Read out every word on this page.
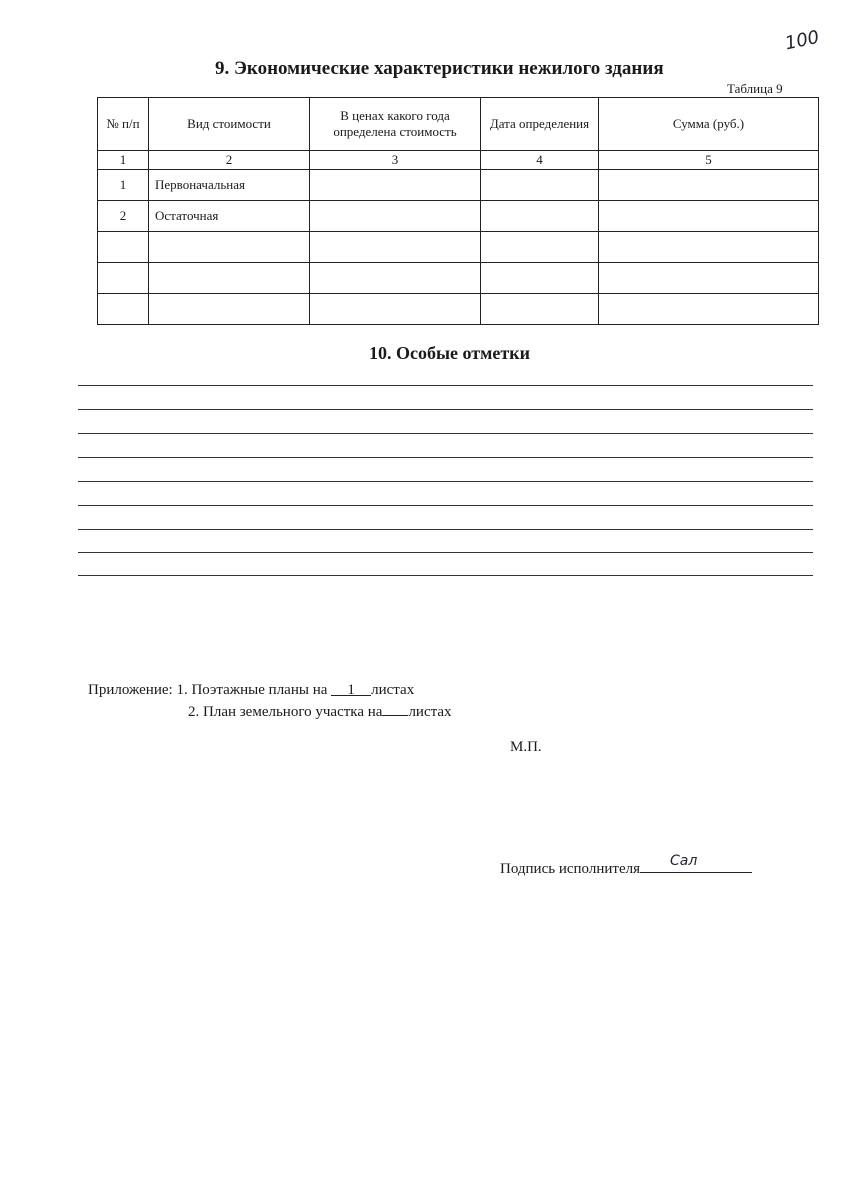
100
9. Экономические характеристики нежилого здания
Таблица 9
№ п/п	Вид стоимости	В ценах какого года определена стоимость	Дата определения	Сумма (руб.)
1	2	3	4	5
1	Первоначальная			
2	Остаточная			

10. Особые отметки
Приложение: 1. Поэтажные планы на 1 листах
2. План земельного участка на листах
М.П.
Подпись исполнителя Сал
